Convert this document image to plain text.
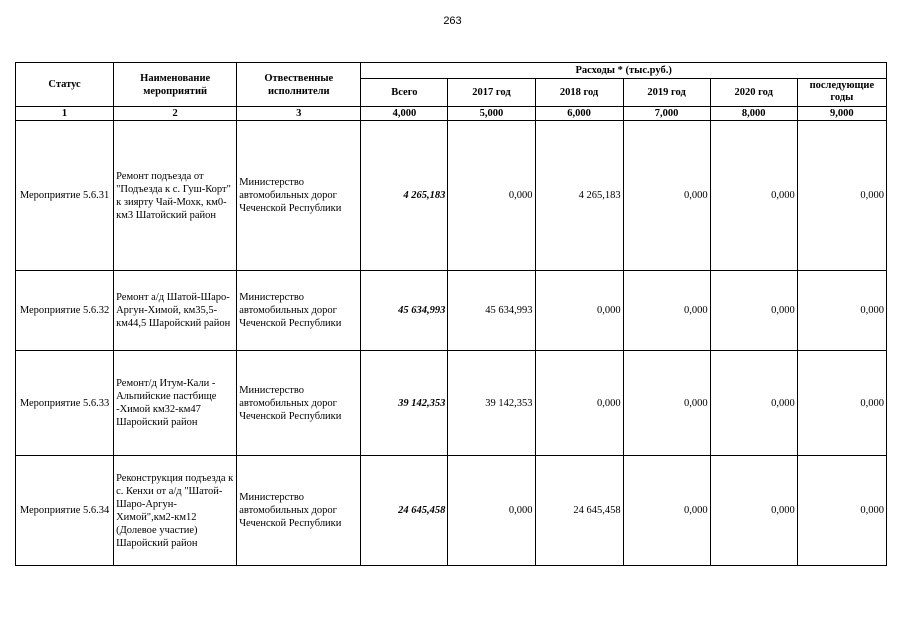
263
Статус	Наименование мероприятий	Отвественные исполнители	Расходы * (тыс.руб.)					
			Всего	2017 год	2018 год	2019 год	2020 год	последующие годы

1	2	3	4,000	5,000	6,000	7,000	8,000	9,000
Мероприятие 5.6.31	Ремонт подъезда от "Подъезда к с. Гуш-Корт" к зиярту Чай-Мохк, км0-км3 Шатойский район	Министерство автомобильных дорог Чеченской Республики	4 265,183	0,000	4 265,183	0,000	0,000	0,000
Мероприятие 5.6.32	Ремонт а/д Шатой-Шаро-Аргун-Химой, км35,5-км44,5 Шаройский район	Министерство автомобильных дорог Чеченской Республики	45 634,993	45 634,993	0,000	0,000	0,000	0,000
Мероприятие 5.6.33	Ремонт/д Итум-Кали - Альпийские пастбище -Химой км32-км47 Шаройский район	Министерство автомобильных дорог Чеченской Республики	39 142,353	39 142,353	0,000	0,000	0,000	0,000
Мероприятие 5.6.34	Реконструкция подъезда к с. Кенхи от а/д "Шатой-Шаро-Аргун-Химой",км2-км12 (Долевое участие) Шаройский район	Министерство автомобильных дорог Чеченской Республики	24 645,458	0,000	24 645,458	0,000	0,000	0,000
